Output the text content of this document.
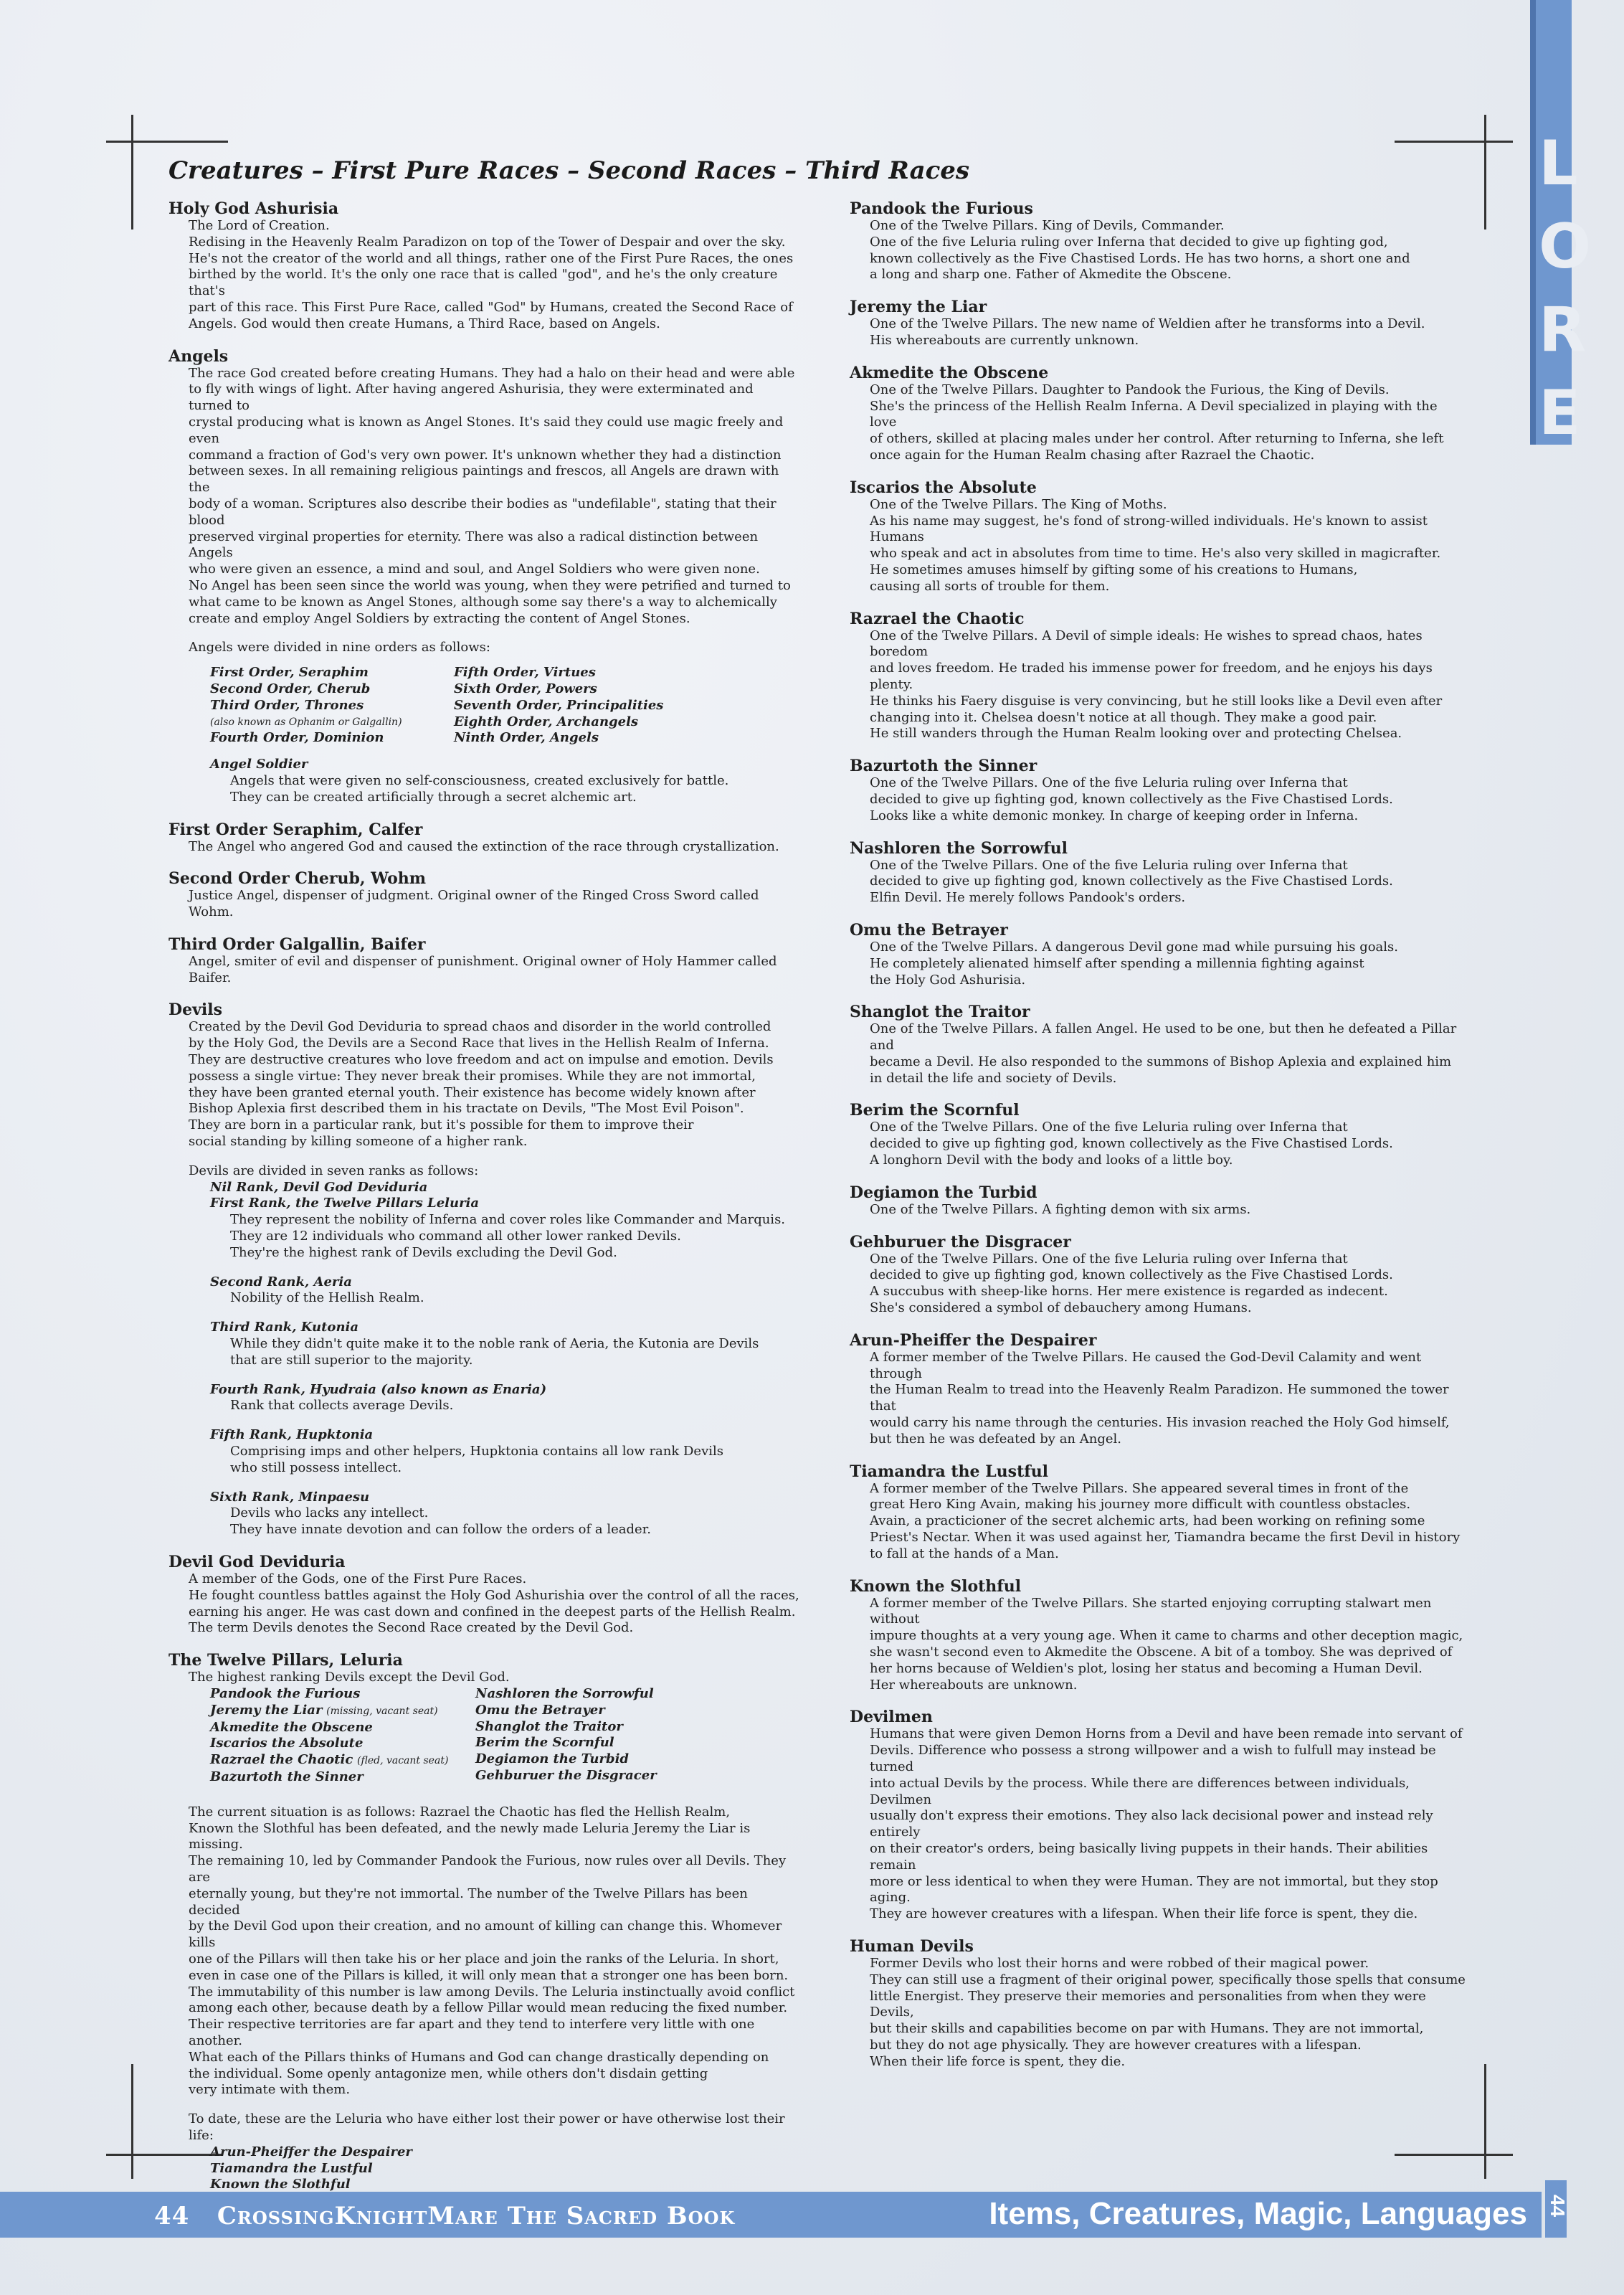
LORE
Creatures – First Pure Races – Second Races – Third Races

Holy God Ashurisia

The Lord of Creation.
Redising in the Heavenly Realm Paradizon on top of the Tower of Despair and over the sky.
He's not the creator of the world and all things, rather one of the First Pure Races, the ones
birthed by the world. It's the only one race that is called "god", and he's the only creature that's
part of this race. This First Pure Race, called "God" by Humans, created the Second Race of
Angels. God would then create Humans, a Third Race, based on Angels.

Angels

The race God created before creating Humans. They had a halo on their head and were able
to fly with wings of light. After having angered Ashurisia, they were exterminated and turned to
crystal producing what is known as Angel Stones. It's said they could use magic freely and even
command a fraction of God's very own power. It's unknown whether they had a distinction
between sexes. In all remaining religious paintings and frescos, all Angels are drawn with the
body of a woman. Scriptures also describe their bodies as "undefilable", stating that their blood
preserved virginal properties for eternity. There was also a radical distinction between Angels
who were given an essence, a mind and soul, and Angel Soldiers who were given none.
No Angel has been seen since the world was young, when they were petrified and turned to
what came to be known as Angel Stones, although some say there's a way to alchemically
create and employ Angel Soldiers by extracting the content of Angel Stones.

Angels were divided in nine orders as follows:

First Order, Seraphim
Second Order, Cherub
Third Order, Thrones
(also known as Ophanim or Galgallin)
Fourth Order, Dominion
Fifth Order, Virtues
Sixth Order, Powers
Seventh Order, Principalities
Eighth Order, Archangels
Ninth Order, Angels
Angel Soldier

Angels that were given no self-consciousness, created exclusively for battle.
They can be created artificially through a secret alchemic art.

First Order Seraphim, Calfer

The Angel who angered God and caused the extinction of the race through crystallization.

Second Order Cherub, Wohm

Justice Angel, dispenser of judgment. Original owner of the Ringed Cross Sword called Wohm.

Third Order Galgallin, Baifer

Angel, smiter of evil and dispenser of punishment. Original owner of Holy Hammer called Baifer.

Devils

Created by the Devil God Deviduria to spread chaos and disorder in the world controlled
by the Holy God, the Devils are a Second Race that lives in the Hellish Realm of Inferna.
They are destructive creatures who love freedom and act on impulse and emotion. Devils
possess a single virtue: They never break their promises. While they are not immortal,
they have been granted eternal youth. Their existence has become widely known after
Bishop Aplexia first described them in his tractate on Devils, "The Most Evil Poison".
They are born in a particular rank, but it's possible for them to improve their
social standing by killing someone of a higher rank.

Devils are divided in seven ranks as follows:

Nil Rank, Devil God Deviduria
First Rank, the Twelve Pillars Leluria

They represent the nobility of Inferna and cover roles like Commander and Marquis.
They are 12 individuals who command all other lower ranked Devils.
They're the highest rank of Devils excluding the Devil God.

Second Rank, Aeria

Nobility of the Hellish Realm.

Third Rank, Kutonia

While they didn't quite make it to the noble rank of Aeria, the Kutonia are Devils
that are still superior to the majority.

Fourth Rank, Hyudraia (also known as Enaria)

Rank that collects average Devils.

Fifth Rank, Hupktonia

Comprising imps and other helpers, Hupktonia contains all low rank Devils
who still possess intellect.

Sixth Rank, Minpaesu

Devils who lacks any intellect.
They have innate devotion and can follow the orders of a leader.

Devil God Deviduria

A member of the Gods, one of the First Pure Races.
He fought countless battles against the Holy God Ashurishia over the control of all the races,
earning his anger. He was cast down and confined in the deepest parts of the Hellish Realm.
The term Devils denotes the Second Race created by the Devil God.

The Twelve Pillars, Leluria

The highest ranking Devils except the Devil God.

Pandook the Furious
Jeremy the Liar (missing, vacant seat)
Akmedite the Obscene
Iscarios the Absolute
Razrael the Chaotic (fled, vacant seat)
Bazurtoth the Sinner
Nashloren the Sorrowful
Omu the Betrayer
Shanglot the Traitor
Berim the Scornful
Degiamon the Turbid
Gehburuer the Disgracer

The current situation is as follows: Razrael the Chaotic has fled the Hellish Realm,
Known the Slothful has been defeated, and the newly made Leluria Jeremy the Liar is missing.
The remaining 10, led by Commander Pandook the Furious, now rules over all Devils. They are
eternally young, but they're not immortal. The number of the Twelve Pillars has been decided
by the Devil God upon their creation, and no amount of killing can change this. Whomever kills
one of the Pillars will then take his or her place and join the ranks of the Leluria. In short,
even in case one of the Pillars is killed, it will only mean that a stronger one has been born.
The immutability of this number is law among Devils. The Leluria instinctually avoid conflict
among each other, because death by a fellow Pillar would mean reducing the fixed number.
Their respective territories are far apart and they tend to interfere very little with one another.
What each of the Pillars thinks of Humans and God can change drastically depending on
the individual. Some openly antagonize men, while others don't disdain getting
very intimate with them.

To date, these are the Leluria who have either lost their power or have otherwise lost their life:

Arun-Pheiffer the Despairer
Tiamandra the Lustful
Known the Slothful

Pandook the Furious

One of the Twelve Pillars. King of Devils, Commander.
One of the five Leluria ruling over Inferna that decided to give up fighting god,
known collectively as the Five Chastised Lords. He has two horns, a short one and
a long and sharp one. Father of Akmedite the Obscene.

Jeremy the Liar

One of the Twelve Pillars. The new name of Weldien after he transforms into a Devil.
His whereabouts are currently unknown.

Akmedite the Obscene

One of the Twelve Pillars. Daughter to Pandook the Furious, the King of Devils.
She's the princess of the Hellish Realm Inferna. A Devil specialized in playing with the love
of others, skilled at placing males under her control. After returning to Inferna, she left
once again for the Human Realm chasing after Razrael the Chaotic.

Iscarios the Absolute

One of the Twelve Pillars. The King of Moths.
As his name may suggest, he's fond of strong-willed individuals. He's known to assist Humans
who speak and act in absolutes from time to time. He's also very skilled in magicrafter.
He sometimes amuses himself by gifting some of his creations to Humans,
causing all sorts of trouble for them.

Razrael the Chaotic

One of the Twelve Pillars. A Devil of simple ideals: He wishes to spread chaos, hates boredom
and loves freedom. He traded his immense power for freedom, and he enjoys his days plenty.
He thinks his Faery disguise is very convincing, but he still looks like a Devil even after
changing into it. Chelsea doesn't notice at all though. They make a good pair.
He still wanders through the Human Realm looking over and protecting Chelsea.

Bazurtoth the Sinner

One of the Twelve Pillars. One of the five Leluria ruling over Inferna that
decided to give up fighting god, known collectively as the Five Chastised Lords.
Looks like a white demonic monkey. In charge of keeping order in Inferna.

Nashloren the Sorrowful

One of the Twelve Pillars. One of the five Leluria ruling over Inferna that
decided to give up fighting god, known collectively as the Five Chastised Lords.
Elfin Devil. He merely follows Pandook's orders.

Omu the Betrayer

One of the Twelve Pillars. A dangerous Devil gone mad while pursuing his goals.
He completely alienated himself after spending a millennia fighting against
the Holy God Ashurisia.

Shanglot the Traitor

One of the Twelve Pillars. A fallen Angel. He used to be one, but then he defeated a Pillar and
became a Devil. He also responded to the summons of Bishop Aplexia and explained him
in detail the life and society of Devils.

Berim the Scornful

One of the Twelve Pillars. One of the five Leluria ruling over Inferna that
decided to give up fighting god, known collectively as the Five Chastised Lords.
A longhorn Devil with the body and looks of a little boy.

Degiamon the Turbid

One of the Twelve Pillars. A fighting demon with six arms.

Gehburuer the Disgracer

One of the Twelve Pillars. One of the five Leluria ruling over Inferna that
decided to give up fighting god, known collectively as the Five Chastised Lords.
A succubus with sheep-like horns. Her mere existence is regarded as indecent.
She's considered a symbol of debauchery among Humans.

Arun-Pheiffer the Despairer

A former member of the Twelve Pillars. He caused the God-Devil Calamity and went through
the Human Realm to tread into the Heavenly Realm Paradizon. He summoned the tower that
would carry his name through the centuries. His invasion reached the Holy God himself,
but then he was defeated by an Angel.

Tiamandra the Lustful

A former member of the Twelve Pillars. She appeared several times in front of the
great Hero King Avain, making his journey more difficult with countless obstacles.
Avain, a practicioner of the secret alchemic arts, had been working on refining some
Priest's Nectar. When it was used against her, Tiamandra became the first Devil in history
to fall at the hands of a Man.

Known the Slothful

A former member of the Twelve Pillars. She started enjoying corrupting stalwart men without
impure thoughts at a very young age. When it came to charms and other deception magic,
she wasn't second even to Akmedite the Obscene. A bit of a tomboy. She was deprived of
her horns because of Weldien's plot, losing her status and becoming a Human Devil.
Her whereabouts are unknown.

Devilmen

Humans that were given Demon Horns from a Devil and have been remade into servant of
Devils. Difference who possess a strong willpower and a wish to fulfull may instead be turned
into actual Devils by the process. While there are differences between individuals, Devilmen
usually don't express their emotions. They also lack decisional power and instead rely entirely
on their creator's orders, being basically living puppets in their hands. Their abilities remain
more or less identical to when they were Human. They are not immortal, but they stop aging.
They are however creatures with a lifespan. When their life force is spent, they die.

Human Devils

Former Devils who lost their horns and were robbed of their magical power.
They can still use a fragment of their original power, specifically those spells that consume
little Energist. They preserve their memories and personalities from when they were Devils,
but their skills and capabilities become on par with Humans. They are not immortal,
but they do not age physically. They are however creatures with a lifespan.
When their life force is spent, they die.

44 CrossingKnightMare The Sacred Book	Items, Creatures, Magic, Languages 44
